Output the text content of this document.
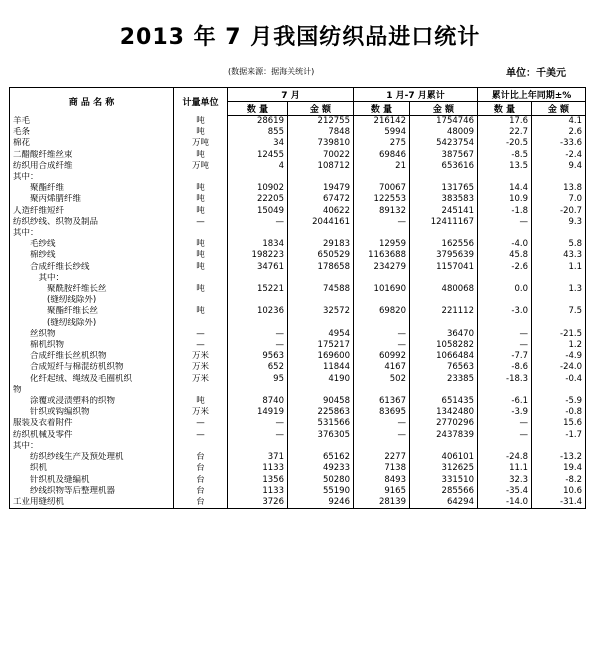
2013 年 7 月我国纺织品进口统计
(数据来源：据海关统计)	单位：千美元
商 品 名 称	计量单位	7 月		1 月-7 月累计		累计比上年同期±%	
		数 量	金 额	数 量	金 额	数 量	金 额
羊毛	吨	28619	212755	216142	1754746	17.6	4.1
毛条	吨	855	7848	5994	48009	22.7	2.6
棉花	万吨	34	739810	275	5423754	-20.5	-33.6
二醋酸纤维丝束	吨	12455	70022	69846	387567	-8.5	-2.4
纺织用合成纤维	万吨	4	108712	21	653616	13.5	9.4
其中：							
　　聚酯纤维	吨	10902	19479	70067	131765	14.4	13.8
　　聚丙烯腈纤维	吨	22205	67472	122553	383583	10.9	7.0
人造纤维短纤	吨	15049	40622	89132	245141	-1.8	-20.7
纺织纱线、织物及制品	—	—	2044161	—	12411167	—	9.3
其中：							
　　毛纱线	吨	1834	29183	12959	162556	-4.0	5.8
　　棉纱线	吨	198223	650529	1163688	3795639	45.8	43.3
　　合成纤维长纱线	吨	34761	178658	234279	1157041	-2.6	1.1
　　　其中：							
　　　　聚酰胺纤维长丝	吨	15221	74588	101690	480068	0.0	1.3
　　　　(缝纫线除外)							
　　　　聚酯纤维长丝	吨	10236	32572	69820	221112	-3.0	7.5
　　　　(缝纫线除外)							
　　丝织物	—	—	4954	—	36470	—	-21.5
　　棉机织物	—	—	175217	—	1058282	—	1.2
　　合成纤维长丝机织物	万米	9563	169600	60992	1066484	-7.7	-4.9
　　合成短纤与棉混纺机织物	万米	652	11844	4167	76563	-8.6	-24.0
　　化纤起绒、绳绒及毛圈机织	万米	95	4190	502	23385	-18.3	-0.4
物							
　　涂覆或浸渍塑料的织物	吨	8740	90458	61367	651435	-6.1	-5.9
　　针织或钩编织物	万米	14919	225863	83695	1342480	-3.9	-0.8
服装及衣着附件	—	—	531566	—	2770296	—	15.6
纺织机械及零件	—	—	376305	—	2437839	—	-1.7
其中：							
　　纺织纱线生产及预处理机	台	371	65162	2277	406101	-24.8	-13.2
　　织机	台	1133	49233	7138	312625	11.1	19.4
　　针织机及缝编机	台	1356	50280	8493	331510	32.3	-8.2
　　纱线织物等后整理机器	台	1133	55190	9165	285566	-35.4	10.6
工业用缝纫机	台	3726	9246	28139	64294	-14.0	-31.4
